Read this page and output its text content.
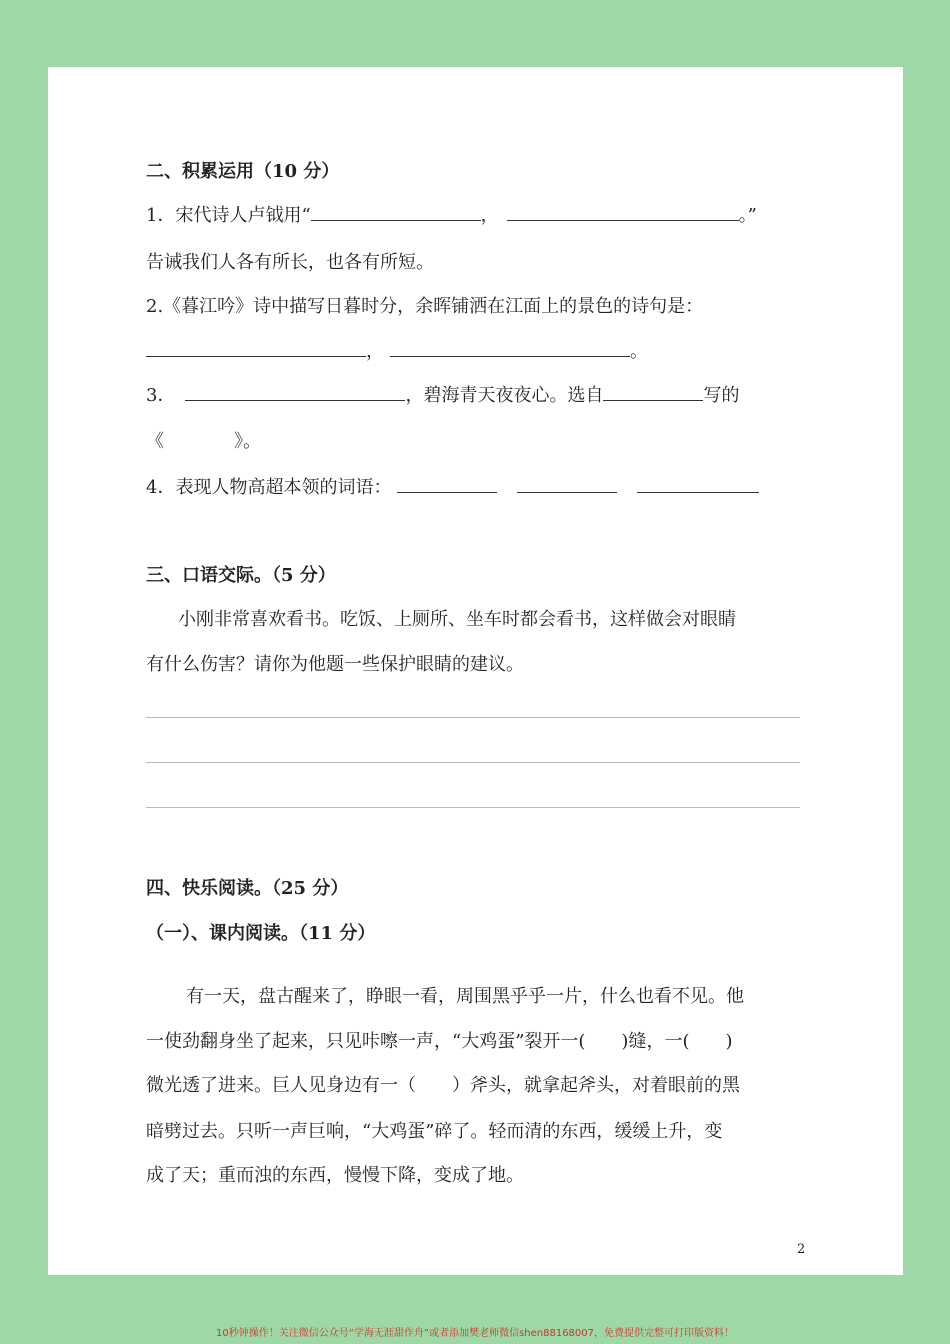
二、积累运用（10 分）
1．宋代诗人卢钺用“	，	。”
告诫我们人各有所长，也各有所短。
2.《暮江吟》诗中描写日暮时分，余晖铺洒在江面上的景色的诗句是：
，	。
3．	，碧海青天夜夜心。选自	写的
《	》。
4．表现人物高超本领的词语：
三、口语交际。（5 分）
小刚非常喜欢看书。吃饭、上厕所、坐车时都会看书，这样做会对眼睛
有什么伤害？请你为他题一些保护眼睛的建议。
四、快乐阅读。（25 分）
（一）、课内阅读。（11 分）
有一天，盘古醒来了，睁眼一看，周围黑乎乎一片，什么也看不见。他
一使劲翻身坐了起来，只见咔嚓一声，“大鸡蛋”裂开一(　　)缝，一(　　)
微光透了进来。巨人见身边有一（　　）斧头，就拿起斧头，对着眼前的黑
暗劈过去。只听一声巨响，“大鸡蛋”碎了。轻而清的东西，缓缓上升，变
成了天；重而浊的东西，慢慢下降，变成了地。
2
10秒钟操作！关注微信公众号“学海无涯甜作舟”或者添加樊老师微信shen88168007，免费提供完整可打印版资料！
